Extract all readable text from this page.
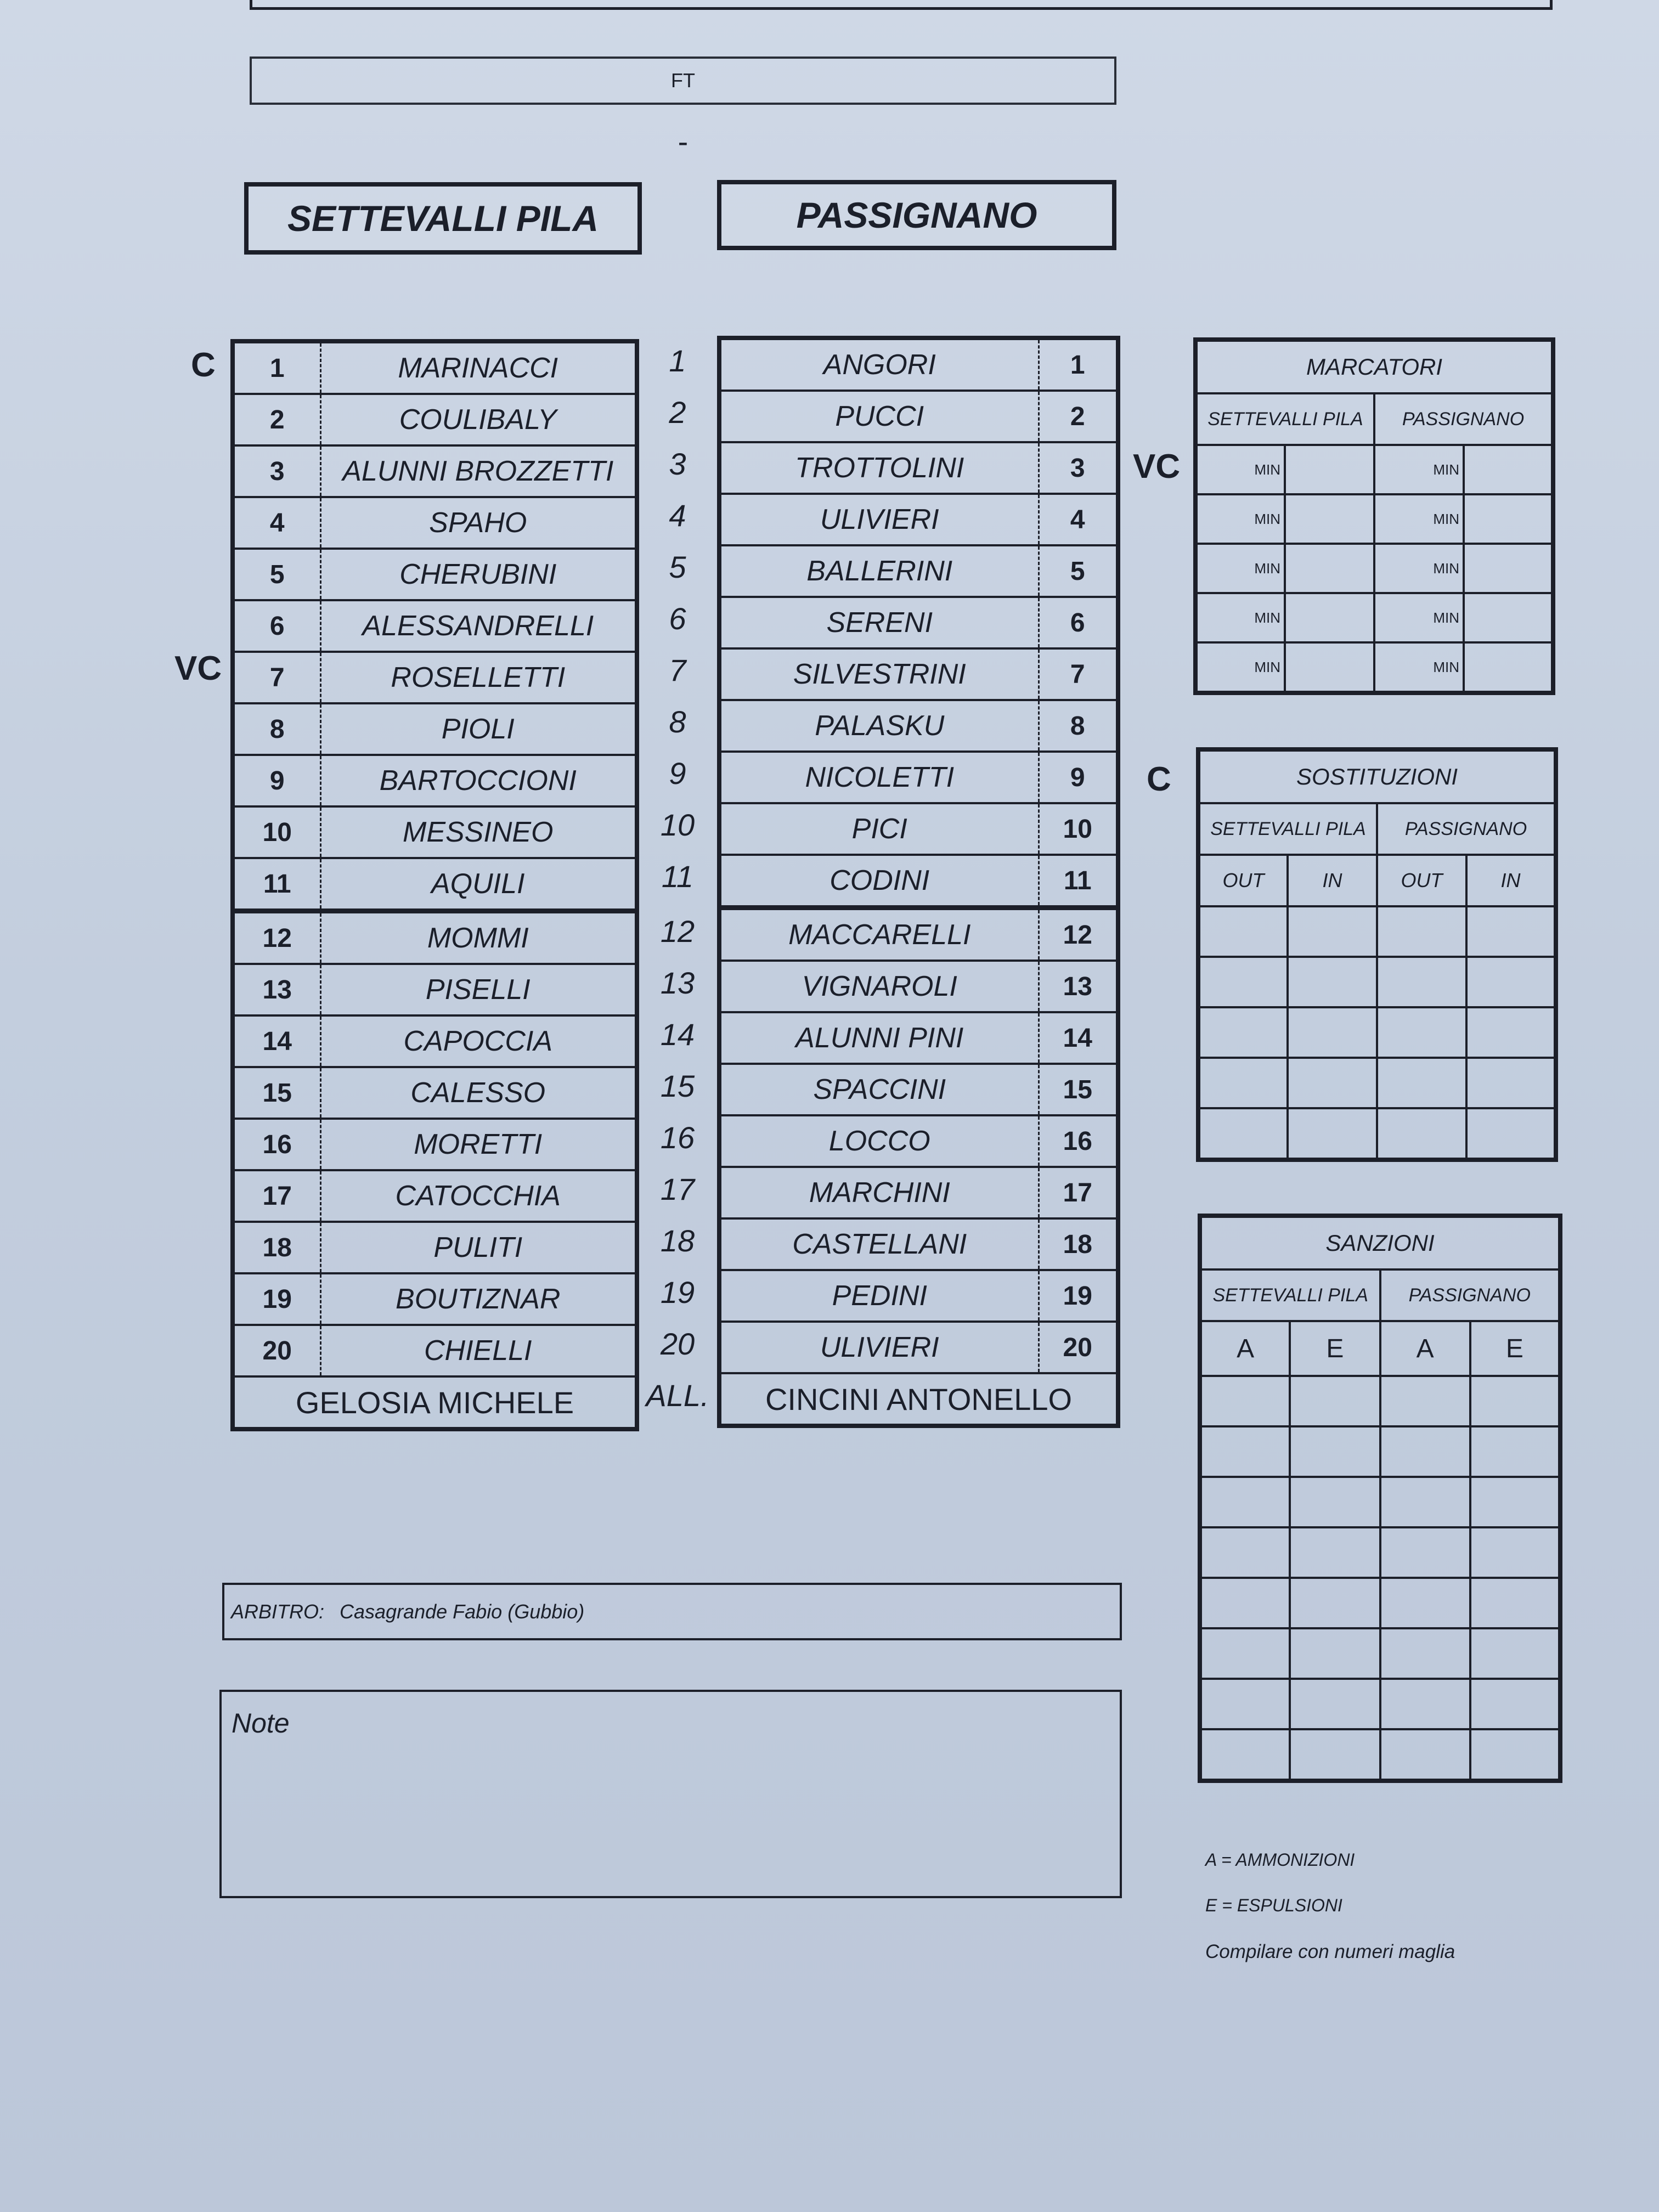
FT
-
SETTEVALLI PILA	PASSIGNANO
C
VC
VC
C
1	MARINACCI
2	COULIBALY
3	ALUNNI BROZZETTI
4	SPAHO
5	CHERUBINI
6	ALESSANDRELLI
7	ROSELLETTI
8	PIOLI
9	BARTOCCIONI
10	MESSINEO
11	AQUILI
12	MOMMI
13	PISELLI
14	CAPOCCIA
15	CALESSO
16	MORETTI
17	CATOCCHIA
18	PULITI
19	BOUTIZNAR
20	CHIELLI
GELOSIA MICHELE	
1
2
3
4
5
6
7
8
9
10
11
12
13
14
15
16
17
18
19
20
ALL.
ANGORI	1
PUCCI	2
TROTTOLINI	3
ULIVIERI	4
BALLERINI	5
SERENI	6
SILVESTRINI	7
PALASKU	8
NICOLETTI	9
PICI	10
CODINI	11
MACCARELLI	12
VIGNAROLI	13
ALUNNI PINI	14
SPACCINI	15
LOCCO	16
MARCHINI	17
CASTELLANI	18
PEDINI	19
ULIVIERI	20
CINCINI ANTONELLO	
MARCATORI			
SETTEVALLI PILA		PASSIGNANO	
MIN		MIN	
MIN		MIN	
MIN		MIN	
MIN		MIN	
MIN		MIN	
SOSTITUZIONI			
SETTEVALLI PILA		PASSIGNANO	
OUT	IN	OUT	IN

SANZIONI			
SETTEVALLI PILA		PASSIGNANO	
A	E	A	E

ARBITRO: Casagrande Fabio (Gubbio)
Note
A = AMMONIZIONI
E = ESPULSIONI
Compilare con numeri maglia
